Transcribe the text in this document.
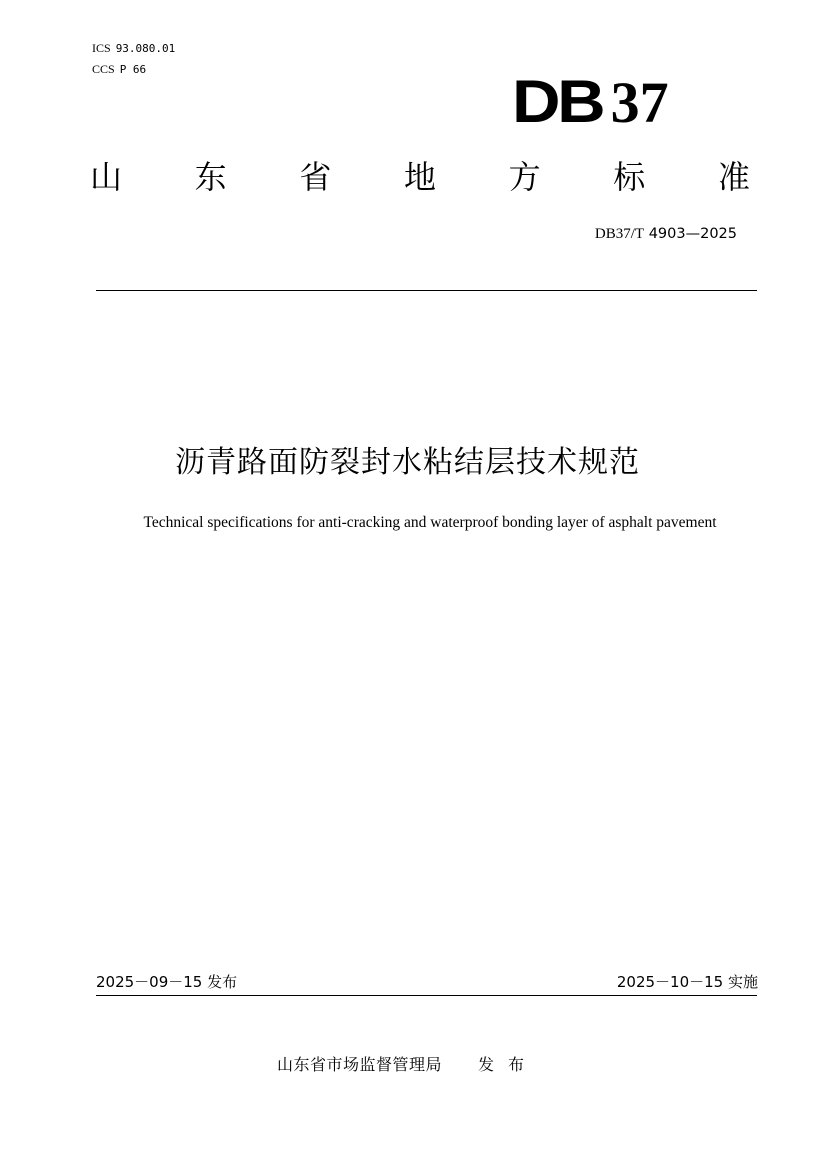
ICS 93.080.01
CCS P 66	DB 37
山 东 省 地 方 标 准
DB37/T 4903—2025
沥青路面防裂封水粘结层技术规范
Technical specifications for anti-cracking and waterproof bonding layer of asphalt pavement
2025－09－15 发布	2025－10－15 实施
山东省市场监督管理局 发布
